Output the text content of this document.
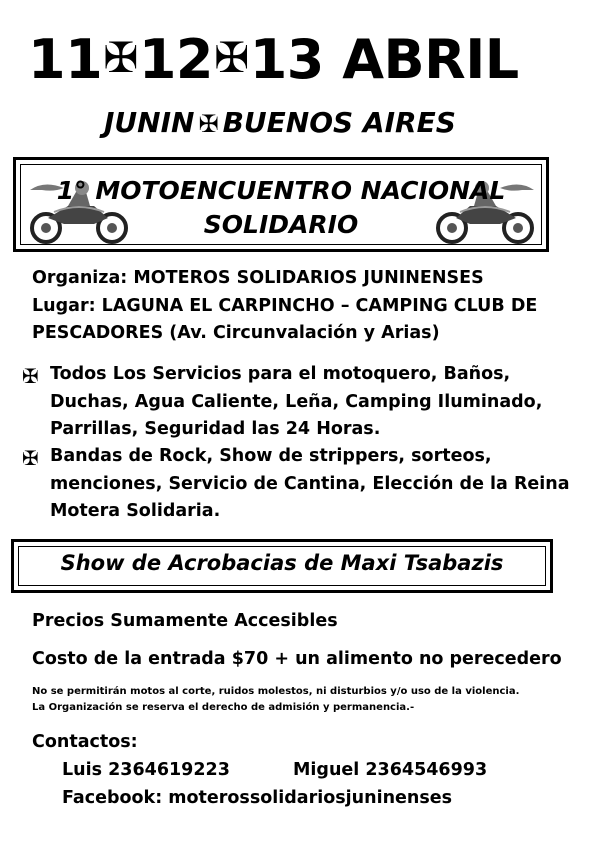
11✠12✠13 ABRIL
JUNIN ✠ BUENOS AIRES
1° MOTOENCUENTRO NACIONAL
SOLIDARIO
Organiza: MOTEROS SOLIDARIOS JUNINENSES
Lugar: LAGUNA EL CARPINCHO – CAMPING CLUB DE
PESCADORES (Av. Circunvalación y Arias)
✠ Todos Los Servicios para el motoquero, Baños,
Duchas, Agua Caliente, Leña, Camping Iluminado,
Parrillas, Seguridad las 24 Horas.
✠ Bandas de Rock, Show de strippers, sorteos,
menciones, Servicio de Cantina, Elección de la Reina
Motera Solidaria.
Show de Acrobacias de Maxi Tsabazis
Precios Sumamente Accesibles
Costo de la entrada $70 + un alimento no perecedero
No se permitirán motos al corte, ruidos molestos, ni disturbios y/o uso de la violencia.
La Organización se reserva el derecho de admisión y permanencia.-
Contactos:
Luis 2364619223	Miguel 2364546993
Facebook: moterossolidariosjuninenses
